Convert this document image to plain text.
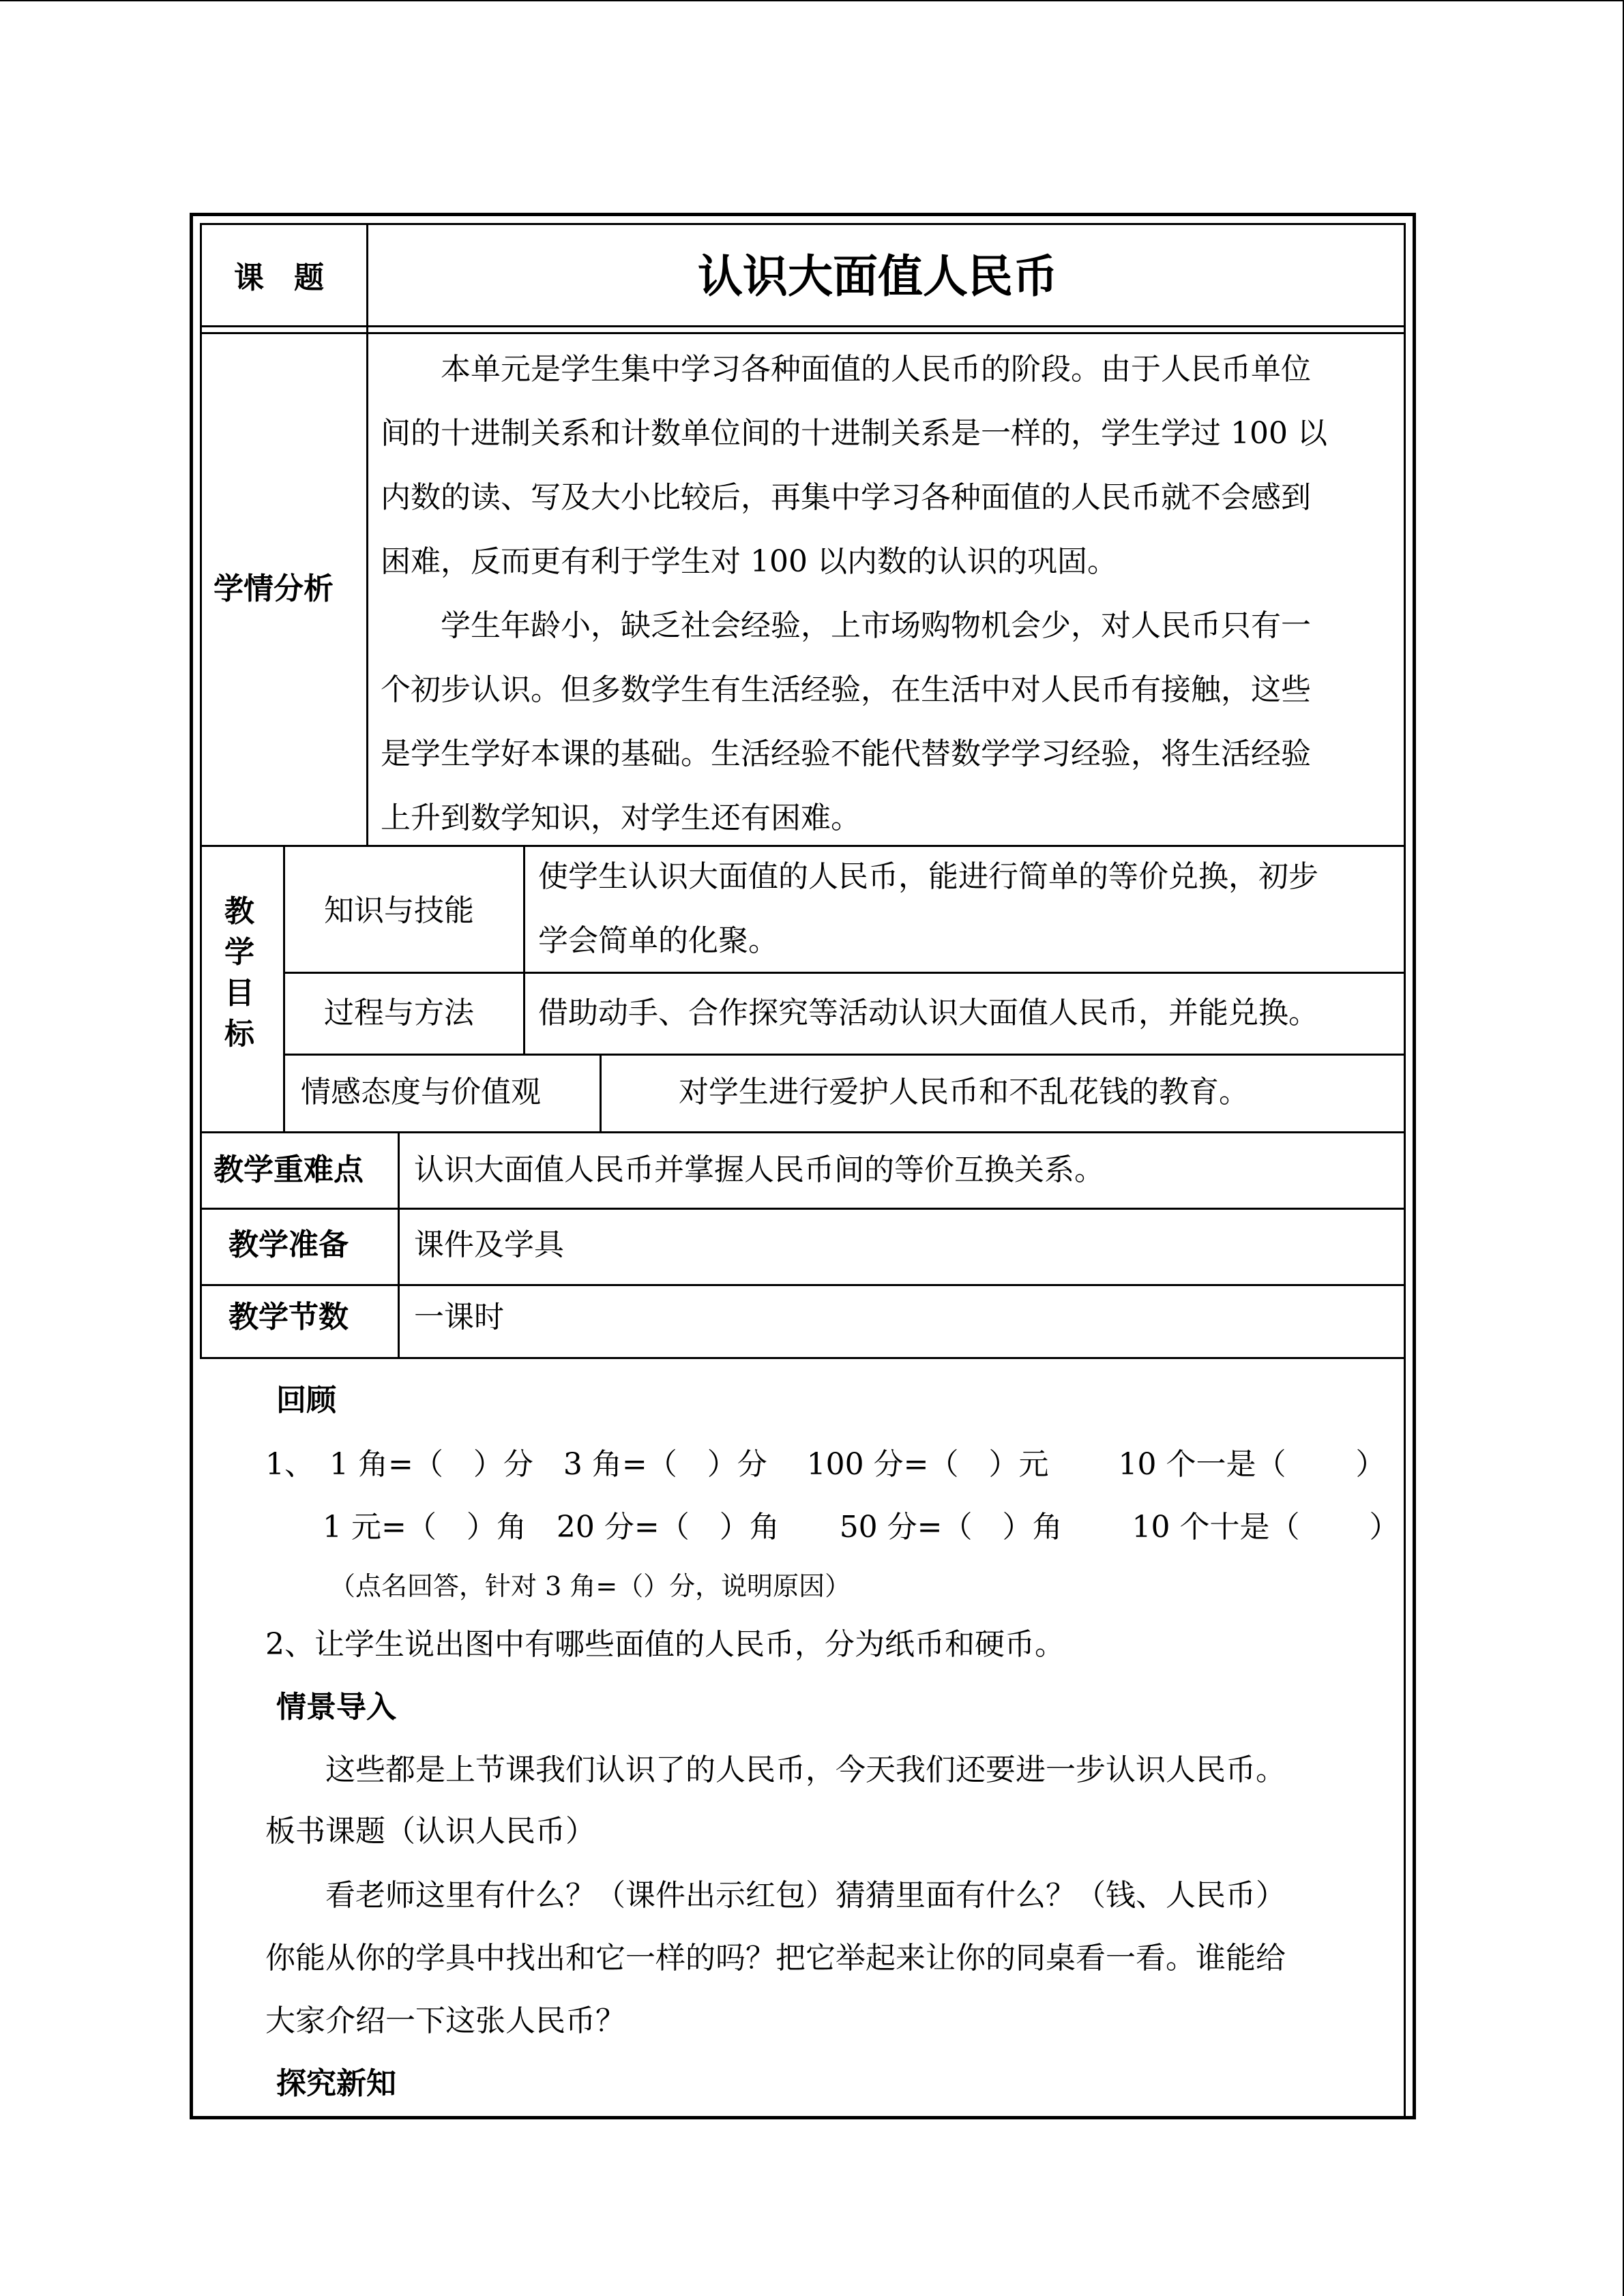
课　题	认识大面值人民币
学情分析

　　本单元是学生集中学习各种面值的人民币的阶段。由于人民币单位

间的十进制关系和计数单位间的十进制关系是一样的，学生学过 100 以

内数的读、写及大小比较后，再集中学习各种面值的人民币就不会感到

困难，反而更有利于学生对 100 以内数的认识的巩固。

　　学生年龄小，缺乏社会经验，上市场购物机会少，对人民币只有一

个初步认识。但多数学生有生活经验，在生活中对人民币有接触，这些

是学生学好本课的基础。生活经验不能代替数学学习经验，将生活经验

上升到数学知识，对学生还有困难。

教
学
目
标
知识与技能

使学生认识大面值的人民币，能进行简单的等价兑换，初步

学会简单的化聚。

过程与方法 借助动手、合作探究等活动认识大面值人民币，并能兑换。
情感态度与价值观	对学生进行爱护人民币和不乱花钱的教育。
教学重难点 认识大面值人民币并掌握人民币间的等价互换关系。
教学准备 课件及学具
教学节数 一课时
回顾
1、　1 角=（　）分　3 角=（　）分　 100 分=（　）元　　 10 个一是（　　 ）
1 元=（　）角　20 分=（　）角　　50 分=（　）角　　 10 个十是（　　 ）
（点名回答，针对 3 角=（）分，说明原因）
2、让学生说出图中有哪些面值的人民币，分为纸币和硬币。
情景导入
　　这些都是上节课我们认识了的人民币，今天我们还要进一步认识人民币。
板书课题（认识人民币）
　　看老师这里有什么？（课件出示红包）猜猜里面有什么？（钱、人民币）
你能从你的学具中找出和它一样的吗？把它举起来让你的同桌看一看。谁能给
大家介绍一下这张人民币？
探究新知
